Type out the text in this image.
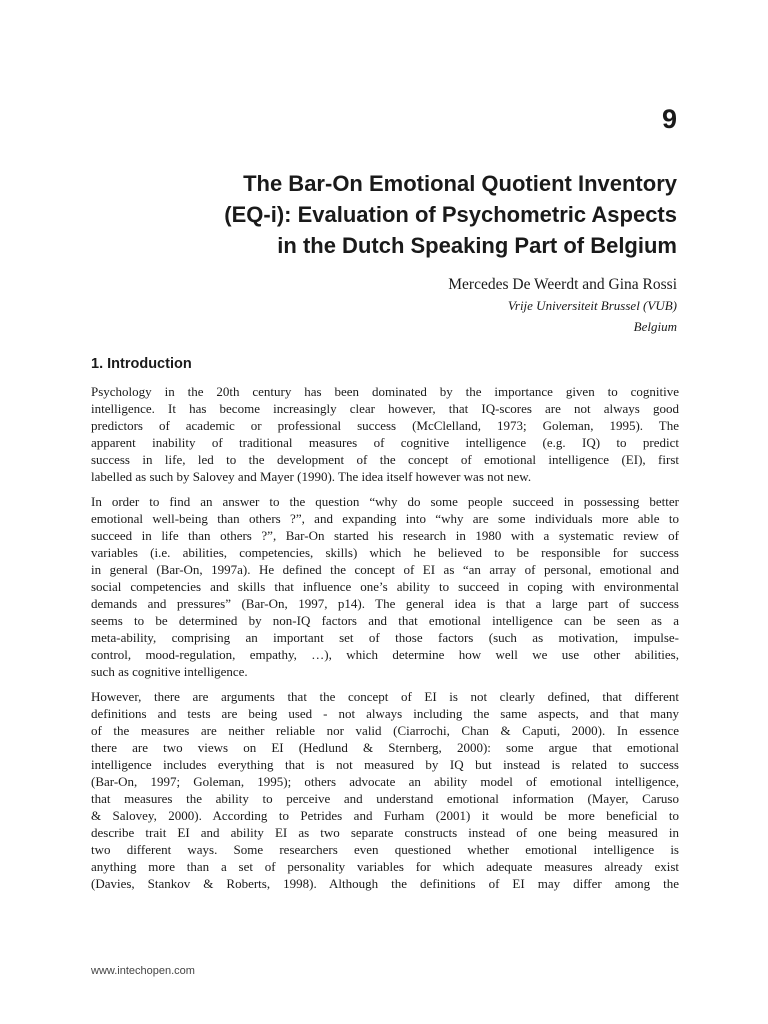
9
The Bar-On Emotional Quotient Inventory
(EQ-i): Evaluation of Psychometric Aspects
in the Dutch Speaking Part of Belgium
Mercedes De Weerdt and Gina Rossi
Vrije Universiteit Brussel (VUB)
Belgium
1. Introduction

Psychology in the 20th century has been dominated by the importance given to cognitive
intelligence. It has become increasingly clear however, that IQ-scores are not always good
predictors of academic or professional success (McClelland, 1973; Goleman, 1995). The
apparent inability of traditional measures of cognitive intelligence (e.g. IQ) to predict
success in life, led to the development of the concept of emotional intelligence (EI), first
labelled as such by Salovey and Mayer (1990). The idea itself however was not new.

In order to find an answer to the question “why do some people succeed in possessing better
emotional well-being than others ?”, and expanding into “why are some individuals more able to
succeed in life than others ?”, Bar-On started his research in 1980 with a systematic review of
variables (i.e. abilities, competencies, skills) which he believed to be responsible for success
in general (Bar-On, 1997a). He defined the concept of EI as “an array of personal, emotional and
social competencies and skills that influence one’s ability to succeed in coping with environmental
demands and pressures” (Bar-On, 1997, p14). The general idea is that a large part of success
seems to be determined by non-IQ factors and that emotional intelligence can be seen as a
meta-ability, comprising an important set of those factors (such as motivation, impulse-
control, mood-regulation, empathy, …), which determine how well we use other abilities,
such as cognitive intelligence.

However, there are arguments that the concept of EI is not clearly defined, that different
definitions and tests are being used - not always including the same aspects, and that many
of the measures are neither reliable nor valid (Ciarrochi, Chan & Caputi, 2000). In essence
there are two views on EI (Hedlund & Sternberg, 2000): some argue that emotional
intelligence includes everything that is not measured by IQ but instead is related to success
(Bar-On, 1997; Goleman, 1995); others advocate an ability model of emotional intelligence,
that measures the ability to perceive and understand emotional information (Mayer, Caruso
& Salovey, 2000). According to Petrides and Furham (2001) it would be more beneficial to
describe trait EI and ability EI as two separate constructs instead of one being measured in
two different ways. Some researchers even questioned whether emotional intelligence is
anything more than a set of personality variables for which adequate measures already exist
(Davies, Stankov & Roberts, 1998). Although the definitions of EI may differ among the

www.intechopen.com
